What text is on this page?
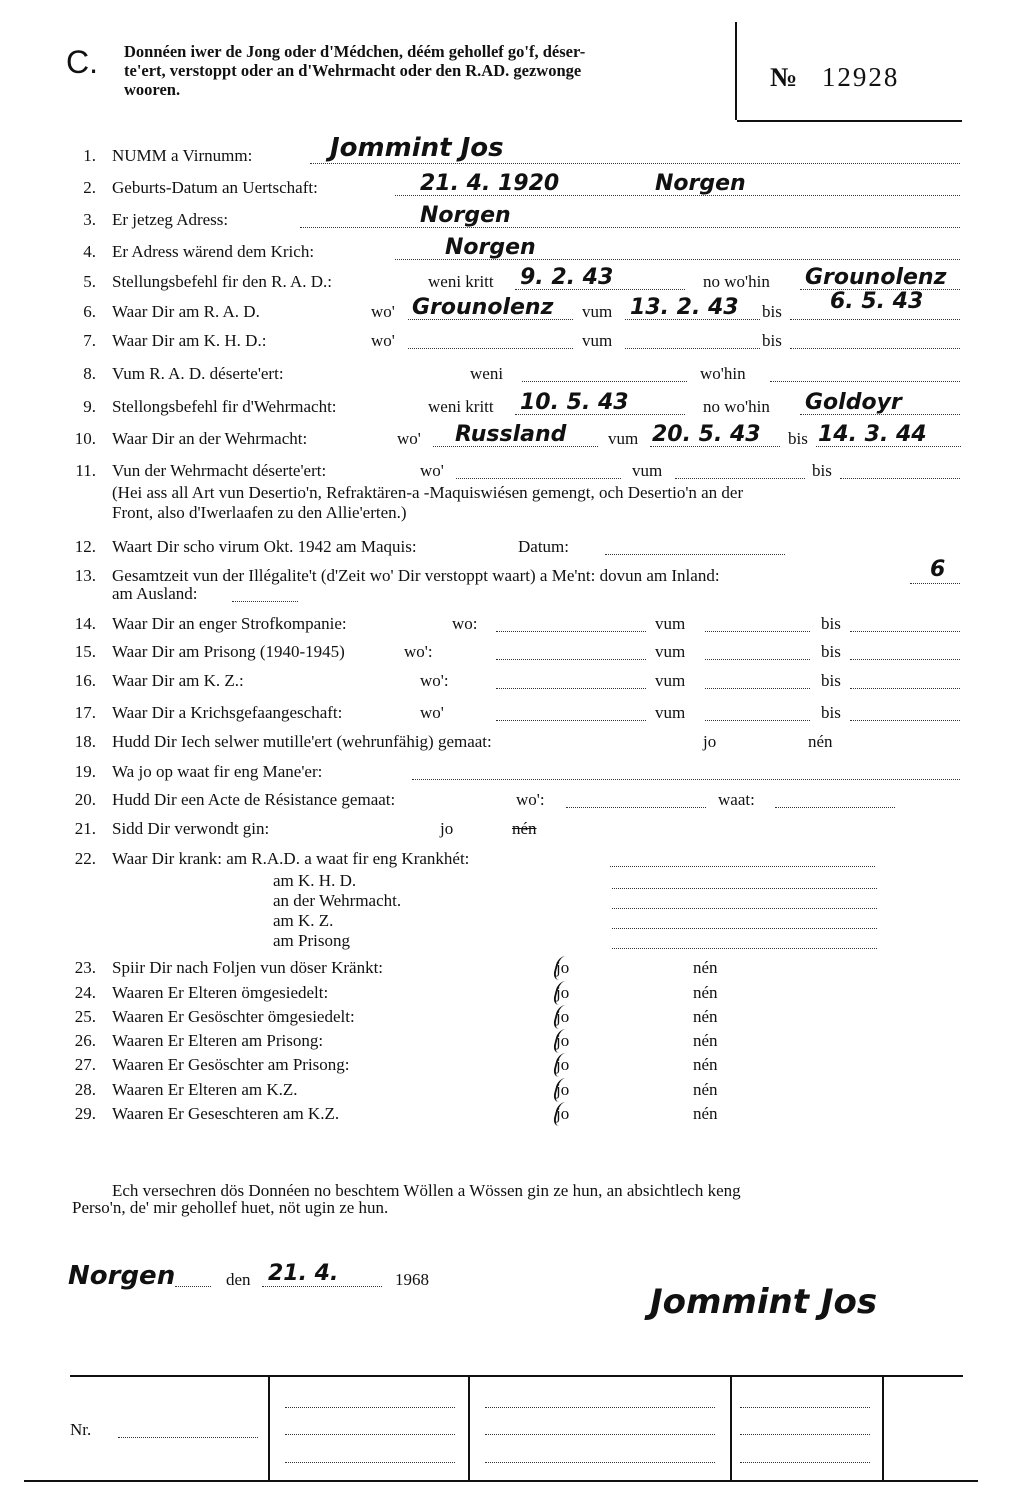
C. Donnéen iwer de Jong oder d'Médchen, déém gehollef go'f, déser-
te'ert, verstoppt oder an d'Wehrmacht oder den R.AD. gezwonge
wooren.	№ 12928
1. NUMM a Virnumm:	Jommint Jos
2. Geburts-Datum an Uertschaft:	21. 4. 1920	Norgen
3. Er jetzeg Adress:	Norgen
4. Er Adress wärend dem Krich:	Norgen
5. Stellungsbefehl fir den R. A. D.:	weni kritt 9. 2. 43	no wo'hin Grounolenz
6. Waar Dir am R. A. D.	wo' Grounolenz vum 13. 2. 43 bis 6. 5. 43
7. Waar Dir am K. H. D.:	wo'	vum	bis
8. Vum R. A. D. déserte'ert:	weni	wo'hin
9. Stellongsbefehl fir d'Wehrmacht:	weni kritt 10. 5. 43	no wo'hin Goldoyr
10. Waar Dir an der Wehrmacht:	wo' Russland vum 20. 5. 43 bis 14. 3. 44
11. Vun der Wehrmacht déserte'ert:	wo'	vum	bis
(Hei ass all Art vun Desertio'n, Refraktären-a -Maquiswiésen gemengt, och Desertio'n an der
Front, also d'Iwerlaafen zu den Allie'erten.)
12. Waart Dir scho virum Okt. 1942 am Maquis:	Datum:
13. Gesamtzeit vun der Illégalite't (d'Zeit wo' Dir verstoppt waart) a Me'nt: dovun am Inland:	6
am Ausland:
14. Waar Dir an enger Strofkompanie:	wo:	vum	bis
15. Waar Dir am Prisong (1940-1945)	wo':	vum	bis
16. Waar Dir am K. Z.:	wo':	vum	bis
17. Waar Dir a Krichsgefaangeschaft:	wo'	vum	bis
18. Hudd Dir Iech selwer mutille'ert (wehrunfähig) gemaat:	jo	nén
19. Wa jo op waat fir eng Mane'er:
20. Hudd Dir een Acte de Résistance gemaat:	wo':	waat:
21. Sidd Dir verwondt gin:	jo	nén
22. Waar Dir krank: am R.A.D. a waat fir eng Krankhét:
am K. H. D.
an der Wehrmacht.
am K. Z.
am Prisong
23. Spiir Dir nach Foljen vun döser Kränkt:	jo	nén
24. Waaren Er Elteren ömgesiedelt:	jo	nén
25. Waaren Er Gesöschter ömgesiedelt:	jo	nén
26. Waaren Er Elteren am Prisong:	jo	nén
27. Waaren Er Gesöschter am Prisong:	jo	nén
28. Waaren Er Elteren am K.Z.	jo	nén
29. Waaren Er Geseschteren am K.Z.	jo	nén
Ech versechren dös Donnéen no beschtem Wöllen a Wössen gin ze hun, an absichtlech keng
Perso'n, de' mir gehollef huet, nöt ugin ze hun.
Norgen	den 21. 4.	1968
Jommint Jos
Nr.
